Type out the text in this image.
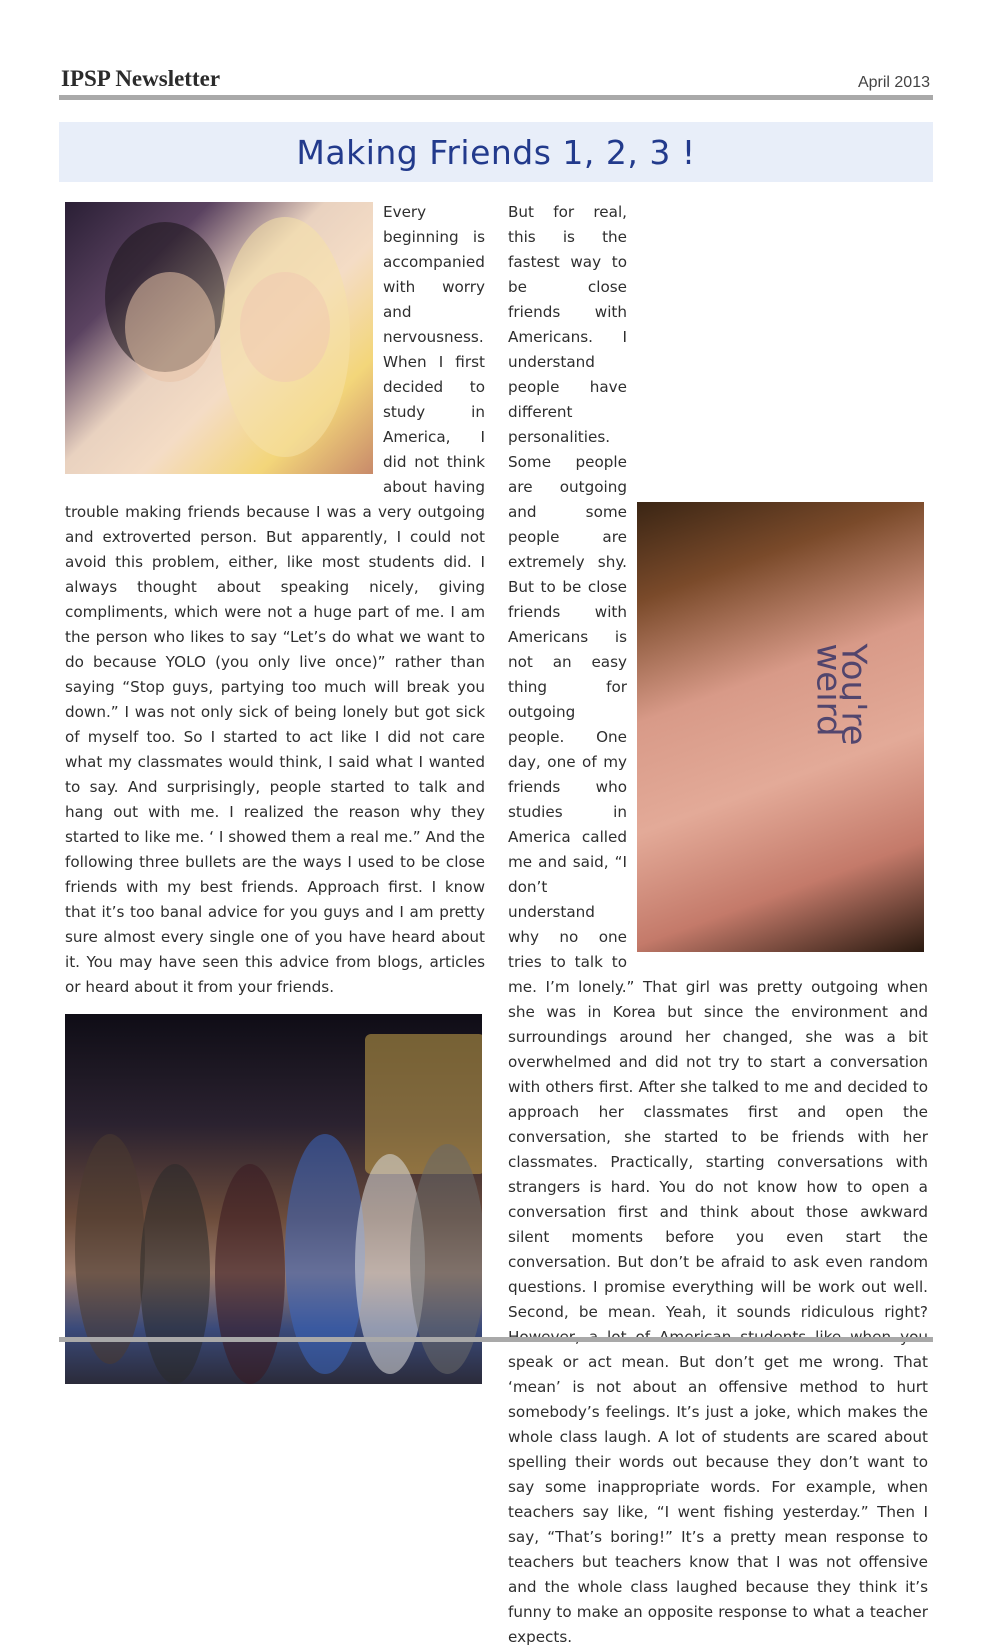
IPSP Newsletter	April 2013
Making Friends 1, 2, 3 !

Every beginning is accompanied with worry and nervousness. When I first decided to study in America, I did not think about having trouble making friends because I was a very outgoing and extroverted person. But apparently, I could not avoid this problem, either, like most students did. I always thought about speaking nicely, giving compliments, which were not a huge part of me. I am the person who likes to say “Let’s do what we want to do because YOLO (you only live once)” rather than saying “Stop guys, partying too much will break you down.” I was not only sick of being lonely but got sick of myself too. So I started to act like I did not care what my classmates would think, I said what I wanted to say. And surprisingly, people started to talk and hang out with me. I realized the reason why they started to like me. ‘ I showed them a real me.” And the following three bullets are the ways I used to be close friends with my best friends. Approach first. I know that it’s too banal advice for you guys and I am pretty sure almost every single one of you have heard about it. You may have seen this advice from blogs, articles or heard about it from your friends.

You're weird

But for real, this is the fastest way to be close friends with Americans. I understand people have different personalities. Some people are outgoing and some people are extremely shy. But to be close friends with Americans is not an easy thing for outgoing people. One day, one of my friends who studies in America called me and said, “I don’t understand why no one tries to talk to me. I’m lonely.” That girl was pretty outgoing when she was in Korea but since the environment and surroundings around her changed, she was a bit overwhelmed and did not try to start a conversation with others first. After she talked to me and decided to approach her classmates first and open the conversation, she started to be friends with her classmates. Practically, starting conversations with strangers is hard. You do not know how to open a conversation first and think about those awkward silent moments before you even start the conversation. But don’t be afraid to ask even random questions. I promise everything will be work out well. Second, be mean. Yeah, it sounds ridiculous right? speak or act mean. But don’t get me wrong. That ‘mean’ is not about an offensive method to hurt somebody’s feelings. It’s just a joke, which makes the whole class laugh. A lot of students are scared about spelling their words out because they don’t want to say some inappropriate words. For example, when teachers say like, “I went fishing yesterday.” Then I say, “That’s boring!” It’s a pretty mean response to teachers but teachers know that I was not offensive and the whole class laughed because they think it’s funny to make an opposite response to what a teacher expects.
